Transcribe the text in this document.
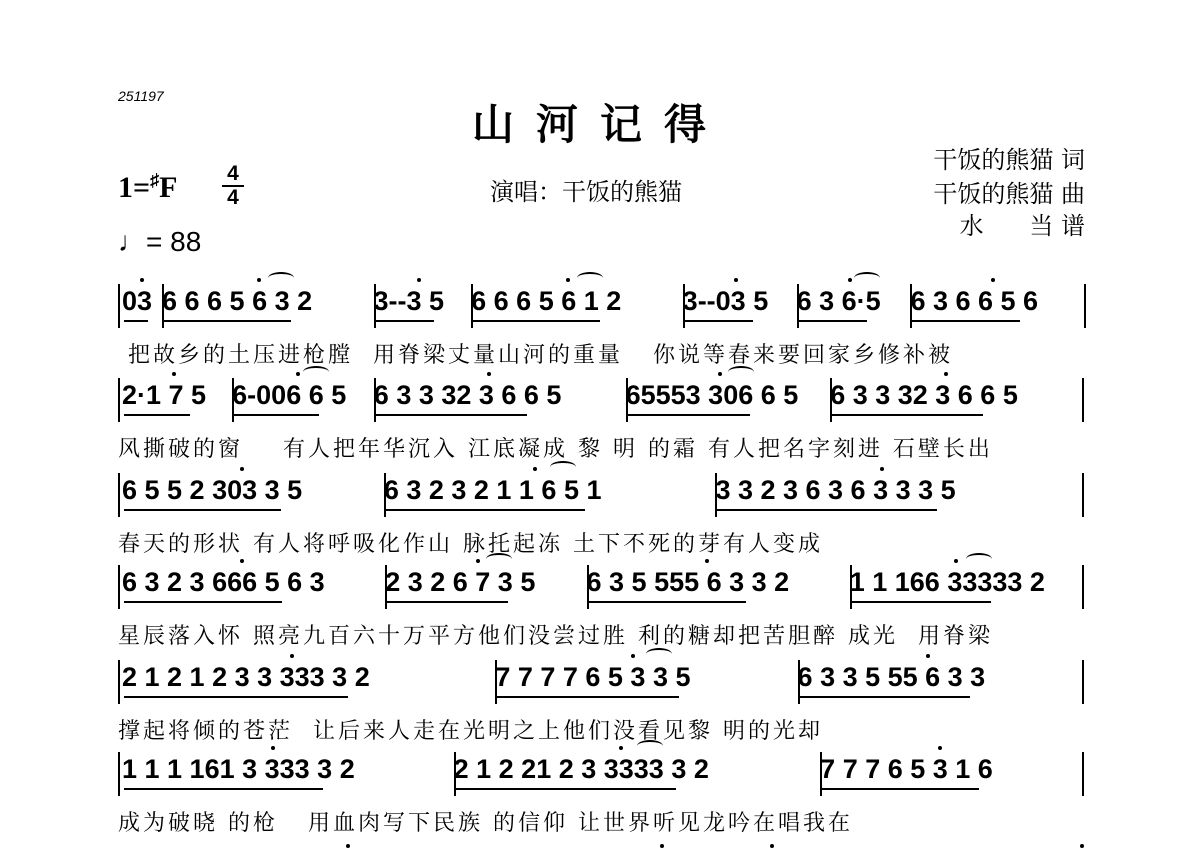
251197
山河记得
1=♯F 4
4
♩= 88
演唱：干饭的熊猫
干饭的熊猫 词
干饭的熊猫 曲
水      当 谱
03 6 6 6 5 6 3 2 3--3 5 6 6 6 5 6 1 2 3--03 5 6 3 6·5 6 3 6 6 5 6
把故乡的土压进枪膛  用脊梁丈量山河的重量   你说等春来要回家乡修补被
2·1 7 5 6-006 6 5 6 3 3 32 3 6 6 5 65553 306 6 5 6 3 3 32 3 6 6 5
风撕破的窗    有人把年华沉入 江底凝成 黎 明 的霜 有人把名字刻进 石壁长出
6 5 5 2 303 3 5	6 3 2 3 2 1 1 6 5 1	3 3 2 3 6 3 6 3 3 3 5
春天的形状 有人将呼吸化作山 脉托起冻 土下不死的芽有人变成
6 3 2 3 666 5 6 3 2 3 2 6 7 3 5 6 3 5 555 6 3 3 2 1 1 166 33333 2
星辰落入怀 照亮九百六十万平方他们没尝过胜 利的糖却把苦胆醉 成光  用脊梁
2 1 2 1 2 3 3 333 3 2	7 7 7 7 6 5 3 3 5	6 3 3 5 55 6 3 3
撑起将倾的苍茫  让后来人走在光明之上他们没看见黎 明的光却
1 1 1 161 3 333 3 2	2 1 2 21 2 3 3333 3 2	7 7 7 6 5 3 1 6
成为破晓 的枪   用血肉写下民族 的信仰 让世界听见龙吟在唱我在
